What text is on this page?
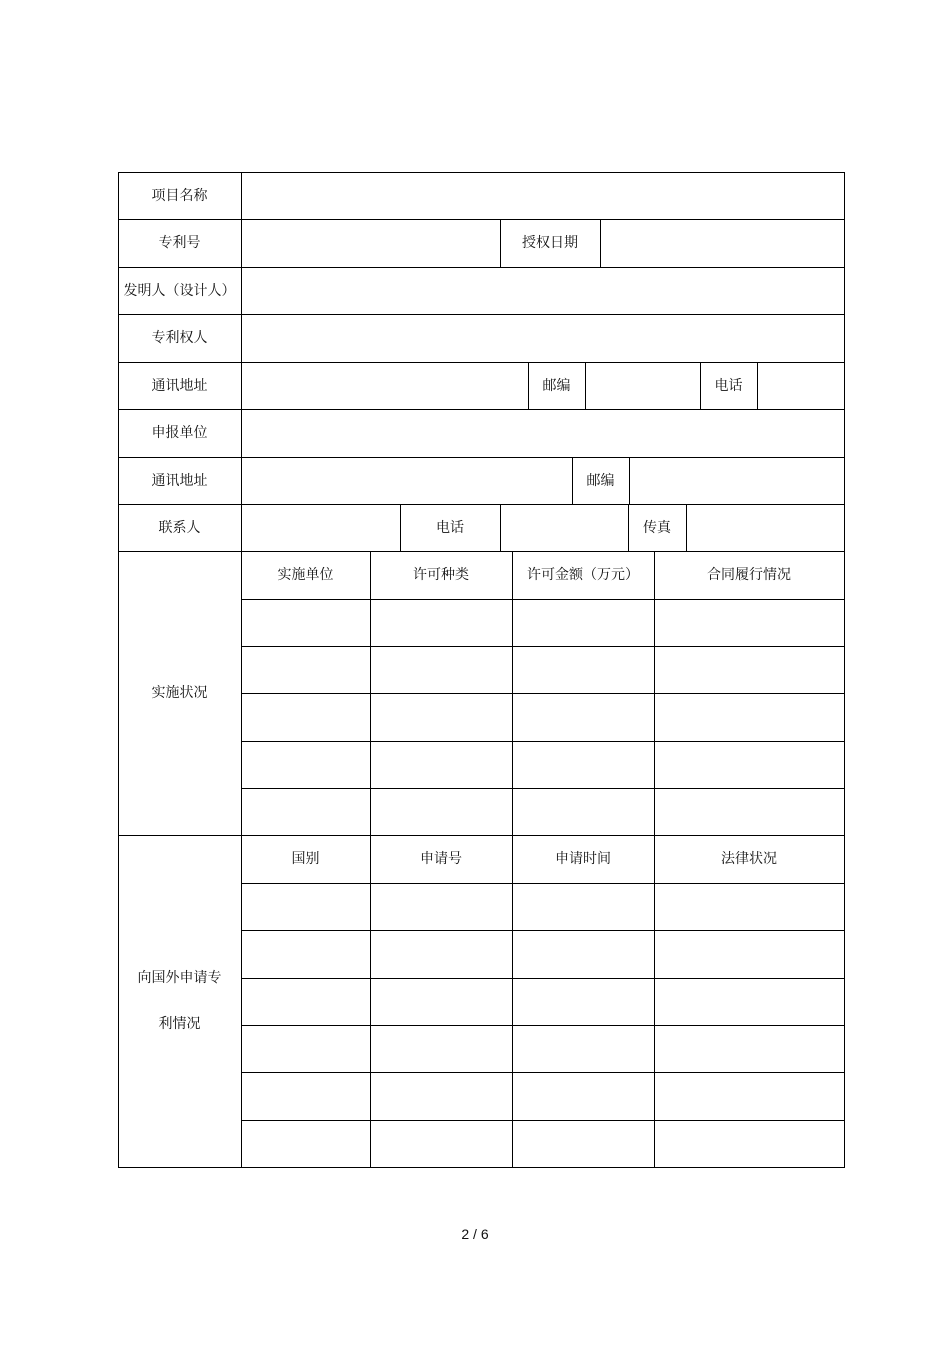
项目名称
专利号	授权日期
发明人（设计人）
专利权人
通讯地址	邮编	电话
申报单位
通讯地址	邮编
联系人	电话	传真
实施状况
实施单位	许可种类	许可金额（万元）	合同履行情况
向国外申请专
利情况
国别	申请号	申请时间	法律状况
2 / 6
